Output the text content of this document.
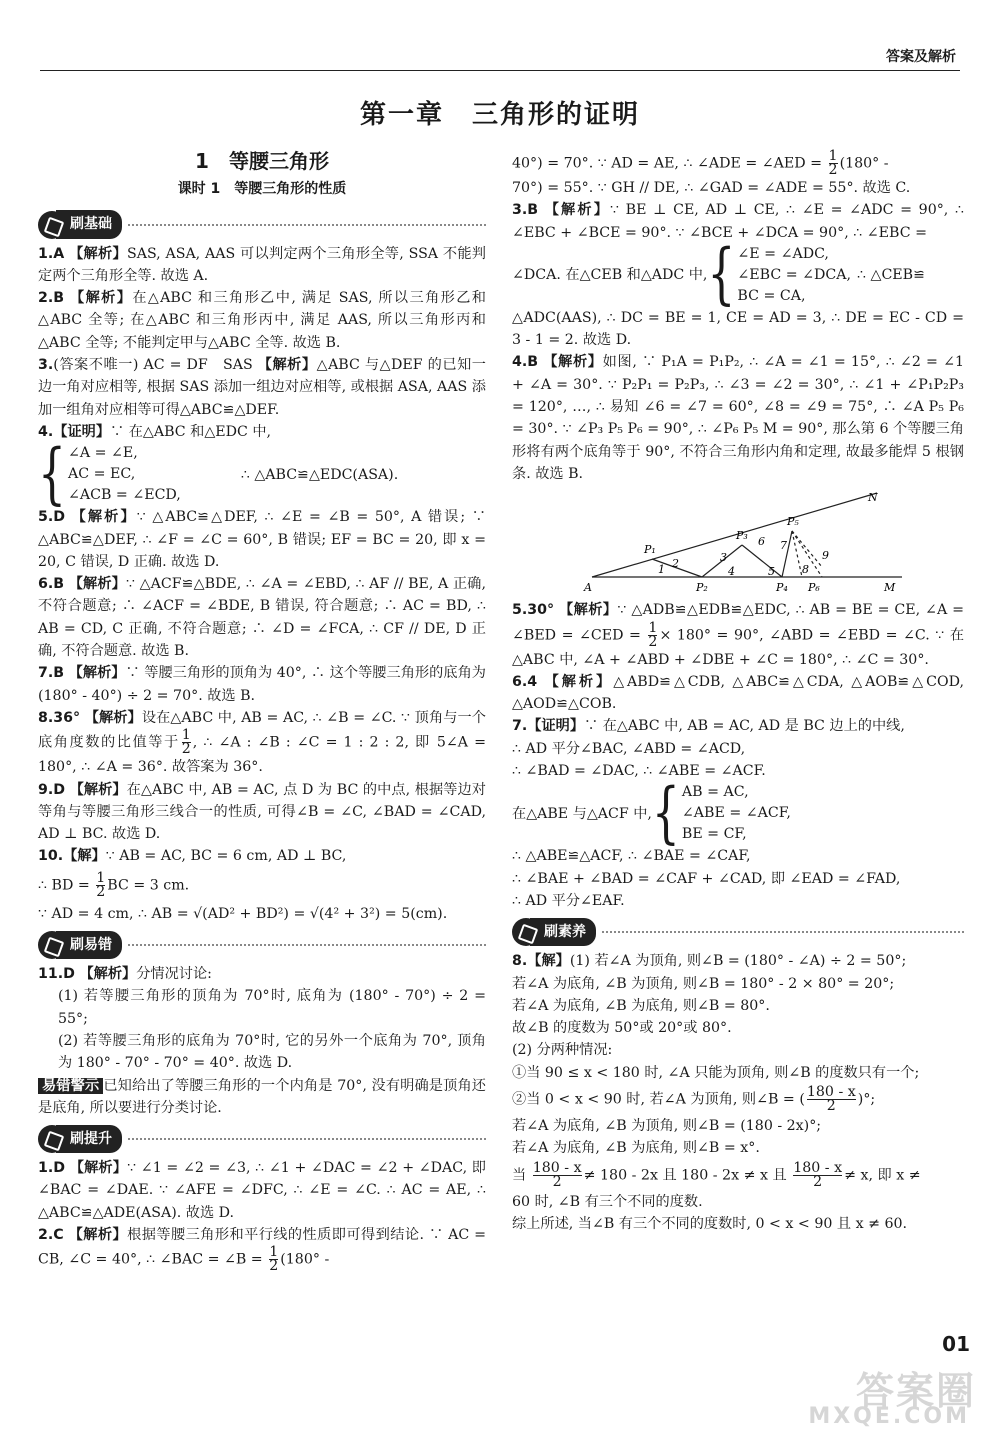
答案及解析
第一章　三角形的证明
1　等腰三角形
课时 1　等腰三角形的性质
刷基础

1.A 【解析】SAS, ASA, AAS 可以判定两个三角形全等, SSA 不能判定两个三角形全等. 故选 A.

2.B 【解析】在△ABC 和三角形乙中, 满足 SAS, 所以三角形乙和△ABC 全等; 在△ABC 和三角形丙中, 满足 AAS, 所以三角形丙和△ABC 全等; 不能判定甲与△ABC 全等. 故选 B.

3.(答案不唯一) AC = DF　SAS 【解析】△ABC 与△DEF 的已知一边一角对应相等, 根据 SAS 添加一组边对应相等, 或根据 ASA, AAS 添加一组角对应相等可得△ABC≌△DEF.

4.【证明】∵ 在△ABC 和△EDC 中,

{ ∠A = ∠E,
AC = EC,
∠ACB = ∠ECD,
∴ △ABC≌△EDC(ASA).

5.D 【解析】∵ △ABC≌△DEF, ∴ ∠E = ∠B = 50°, A 错误; ∵ △ABC≌△DEF, ∴ ∠F = ∠C = 60°, B 错误; EF = BC = 20, 即 x = 20, C 错误, D 正确. 故选 D.

6.B 【解析】∵ △ACF≌△BDE, ∴ ∠A = ∠EBD, ∴ AF // BE, A 正确, 不符合题意; ∴ ∠ACF = ∠BDE, B 错误, 符合题意; ∴ AC = BD, ∴ AB = CD, C 正确, 不符合题意; ∴ ∠D = ∠FCA, ∴ CF // DE, D 正确, 不符合题意. 故选 B.

7.B 【解析】∵ 等腰三角形的顶角为 40°, ∴ 这个等腰三角形的底角为 (180° - 40°) ÷ 2 = 70°. 故选 B.

8.36° 【解析】设在△ABC 中, AB = AC, ∴ ∠B = ∠C. ∵ 顶角与一个底角度数的比值等于 $\frac{1}{2}$ , ∴ ∠A : ∠B : ∠C = 1 : 2 : 2, 即 5∠A = 180°, ∴ ∠A = 36°. 故答案为 36°.

9.D 【解析】在△ABC 中, AB = AC, 点 D 为 BC 的中点, 根据等边对等角与等腰三角形三线合一的性质, 可得∠B = ∠C, ∠BAD = ∠CAD, AD ⊥ BC. 故选 D.

10.【解】∵ AB = AC, BC = 6 cm, AD ⊥ BC,

∴ BD = $\frac{1}{2}$ BC = 3 cm.

∵ AD = 4 cm, ∴ AB = √(AD² + BD²) = √(4² + 3²) = 5(cm).

刷易错

11.D 【解析】分情况讨论:

(1) 若等腰三角形的顶角为 70°时, 底角为 (180° - 70°) ÷ 2 = 55°;

(2) 若等腰三角形的底角为 70°时, 它的另外一个底角为 70°, 顶角为 180° - 70° - 70° = 40°. 故选 D.

易错警示 已知给出了等腰三角形的一个内角是 70°, 没有明确是顶角还是底角, 所以要进行分类讨论.

刷提升

1.D 【解析】∵ ∠1 = ∠2 = ∠3, ∴ ∠1 + ∠DAC = ∠2 + ∠DAC, 即 ∠BAC = ∠DAE. ∵ ∠AFE = ∠DFC, ∴ ∠E = ∠C. ∴ AC = AE, ∴ △ABC≌△ADE(ASA). 故选 D.

2.C 【解析】根据等腰三角形和平行线的性质即可得到结论. ∵ AC = CB, ∠C = 40°, ∴ ∠BAC = ∠B = $\frac{1}{2} (180^\circ$ -

40°) = 70°. ∵ AD = AE, ∴ ∠ADE = ∠AED = $\frac{1}{2} (180^\circ$ -

70°) = 55°. ∵ GH // DE, ∴ ∠GAD = ∠ADE = 55°. 故选 C.

3.B 【解析】∵ BE ⊥ CE, AD ⊥ CE, ∴ ∠E = ∠ADC = 90°, ∴ ∠EBC + ∠BCE = 90°. ∵ ∠BCE + ∠DCA = 90°, ∴ ∠EBC =

∠DCA. 在△CEB 和△ADC 中, { ∠E = ∠ADC,
∠EBC = ∠DCA,
BC = CA,
∴ △CEB≌

△ADC(AAS), ∴ DC = BE = 1, CE = AD = 3, ∴ DE = EC - CD = 3 - 1 = 2. 故选 D.

4.B 【解析】如图, ∵ P₁A = P₁P₂, ∴ ∠A = ∠1 = 15°, ∴ ∠2 = ∠1 + ∠A = 30°. ∵ P₂P₁ = P₂P₃, ∴ ∠3 = ∠2 = 30°, ∴ ∠1 + ∠P₁P₂P₃ = 120°, …, ∴ 易知 ∠6 = ∠7 = 60°, ∠8 = ∠9 = 75°, ∴ ∠A P₅ P₆ = 30°. ∵ ∠P₃ P₅ P₆ = 90°, ∴ ∠P₆ P₅ M = 90°, 那么第 6 个等腰三角形将有两个底角等于 90°, 不符合三角形内角和定理, 故最多能焊 5 根钢条. 故选 B.

A	M
N
P₁
P₂
P₃
P₄
P₅
P₆
1 2	3
4	5
6 7
8
9

5.30° 【解析】∵ △ADB≌△EDB≌△EDC, ∴ AB = BE = CE, ∠A = ∠BED = ∠CED = $\frac{1}{2} \times 180^\circ = 90^\circ$, ∠ABD = ∠EBD = ∠C. ∵ 在△ABC 中, ∠A + ∠ABD + ∠DBE + ∠C = 180°, ∴ ∠C = 30°.

6.4 【解析】△ABD≌△CDB, △ABC≌△CDA, △AOB≌△COD, △AOD≌△COB.

7.【证明】∵ 在△ABC 中, AB = AC, AD 是 BC 边上的中线,

∴ AD 平分∠BAC, ∠ABD = ∠ACD,

∴ ∠BAD = ∠DAC, ∴ ∠ABE = ∠ACF.

在△ABE 与△ACF 中, { AB = AC,
∠ABE = ∠ACF,
BE = CF,

∴ △ABE≌△ACF, ∴ ∠BAE = ∠CAF,

∴ ∠BAE + ∠BAD = ∠CAF + ∠CAD, 即 ∠EAD = ∠FAD,

∴ AD 平分∠EAF.

刷素养

8.【解】(1) 若∠A 为顶角, 则∠B = (180° - ∠A) ÷ 2 = 50°;

若∠A 为底角, ∠B 为顶角, 则∠B = 180° - 2 × 80° = 20°;

若∠A 为底角, ∠B 为底角, 则∠B = 80°.

故∠B 的度数为 50°或 20°或 80°.

(2) 分两种情况:

①当 90 ≤ x < 180 时, ∠A 只能为顶角, 则∠B 的度数只有一个;

②当 0 < x < 90 时, 若∠A 为顶角, 则∠B = ( $\frac{180 - x}{2}$ )°;

若∠A 为底角, ∠B 为顶角, 则∠B = (180 - 2x)°;

若∠A 为底角, ∠B 为底角, 则∠B = x°.

当 $\frac{180 - x}{2} \ne 180 - 2x$ 且 180 - 2x ≠ x 且 $\frac{180 - x}{2} \ne x$, 即 x ≠

60 时, ∠B 有三个不同的度数.

综上所述, 当∠B 有三个不同的度数时, 0 < x < 90 且 x ≠ 60.

01
答案圈
MXQE.COM
